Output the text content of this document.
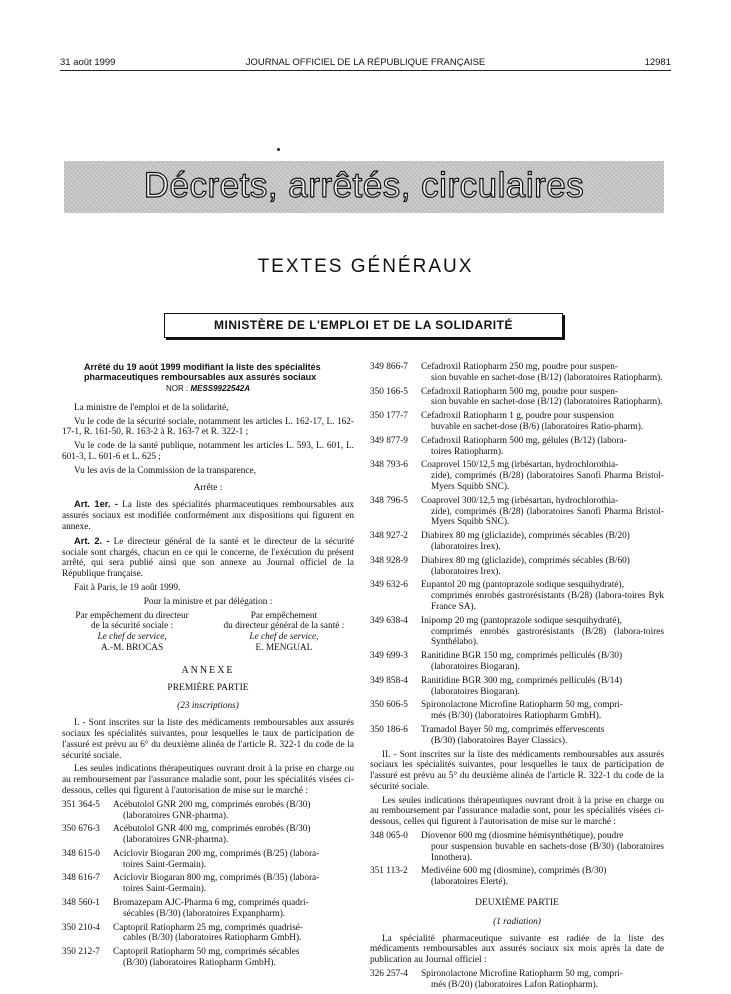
31 août 1999	JOURNAL OFFICIEL DE LA RÉPUBLIQUE FRANÇAISE	12981
Décrets, arrêtés, circulaires
TEXTES GÉNÉRAUX
MINISTÈRE DE L'EMPLOI ET DE LA SOLIDARITÉ
Arrêté du 19 août 1999 modifiant la liste des spécialités pharmaceutiques remboursables aux assurés sociaux
NOR : MESS9922542A

La ministre de l'emploi et de la solidarité,

Vu le code de la sécurité sociale, notamment les articles L. 162-17, L. 162-17-1, R. 161-50, R. 163-2 à R. 163-7 et R. 322-1 ;

Vu le code de la santé publique, notamment les articles L. 593, L. 601, L. 601-3, L. 601-6 et L. 625 ;

Vu les avis de la Commission de la transparence,

Arrête :

Art. 1er. - La liste des spécialités pharmaceutiques remboursables aux assurés sociaux est modifiée conformément aux dispositions qui figurent en annexe.

Art. 2. - Le directeur général de la santé et le directeur de la sécurité sociale sont chargés, chacun en ce qui le concerne, de l'exécution du présent arrêté, qui sera publié ainsi que son annexe au Journal officiel de la République française.

Fait à Paris, le 19 août 1999.

Pour la ministre et par délégation :

Par empêchement du directeur
de la sécurité sociale :
Le chef de service,
A.-M. BROCAS
Par empêchement
du directeur général de la santé :
Le chef de service,
E. MENGUAL
ANNEXE
PREMIÈRE PARTIE
(23 inscriptions)

I. - Sont inscrites sur la liste des médicaments remboursables aux assurés sociaux les spécialités suivantes, pour lesquelles le taux de participation de l'assuré est prévu au 6° du deuxième alinéa de l'article R. 322-1 du code de la sécurité sociale.

Les seules indications thérapeutiques ouvrant droit à la prise en charge ou au remboursement par l'assurance maladie sont, pour les spécialités visées ci-dessous, celles qui figurent à l'autorisation de mise sur le marché :

351 364-5	Acébutolol GNR 200 mg, comprimés enrobés (B/30)
(laboratoires GNR-pharma).
350 676-3	Acébutolol GNR 400 mg, comprimés enrobés (B/30)
(laboratoires GNR-pharma).
348 615-0	Aciclovir Biogaran 200 mg, comprimés (B/25) (labora-
toires Saint-Germain).
348 616-7	Aciclovir Biogaran 800 mg, comprimés (B/35) (labora-
toires Saint-Germain).
348 560-1	Bromazepam AJC-Pharma 6 mg, comprimés quadri-
sécables (B/30) (laboratoires Expanpharm).
350 210-4	Captopril Ratiopharm 25 mg, comprimés quadrisé-
cables (B/30) (laboratoires Ratiopharm GmbH).
350 212-7	Captopril Ratiopharm 50 mg, comprimés sécables
(B/30) (laboratoires Ratiopharm GmbH).
349 866-7	Cefadroxil Ratiopharm 250 mg, poudre pour suspen-
sion buvable en sachet-dose (B/12) (laboratoires Ratiopharm).
350 166-5	Cefadroxil Ratiopharm 500 mg, poudre pour suspen-
sion buvable en sachet-dose (B/12) (laboratoires Ratiopharm).
350 177-7	Cefadroxil Ratiopharm 1 g, poudre pour suspension
buvable en sachet-dose (B/6) (laboratoires Ratio-pharm).
349 877-9	Cefadroxil Ratiopharm 500 mg, gélules (B/12) (labora-
toires Ratiopharm).
348 793-6	Coaprovel 150/12,5 mg (irbésartan, hydrochlorothia-
zide), comprimés (B/28) (laboratoires Sanofi Pharma Bristol-Myers Squibb SNC).
348 796-5	Coaprovel 300/12,5 mg (irbésartan, hydrochlorothia-
zide), comprimés (B/28) (laboratoires Sanofi Pharma Bristol-Myers Squibb SNC).
348 927-2	Diabirex 80 mg (gliclazide), comprimés sécables (B/20)
(laboratoires Irex).
348 928-9	Diabirex 80 mg (gliclazide), comprimés sécables (B/60)
(laboratoires Irex).
349 632-6	Eupantol 20 mg (pantoprazole sodique sesquihydraté),
comprimés enrobés gastrorésistants (B/28) (labora-toires Byk France SA).
349 638-4	Inipomp 20 mg (pantoprazole sodique sesquihydraté),
comprimés enrobés gastrorésistants (B/28) (labora-toires Synthélabo).
349 699-3	Ranitidine BGR 150 mg, comprimés pelliculés (B/30)
(laboratoires Biogaran).
349 858-4	Ranitidine BGR 300 mg, comprimés pelliculés (B/14)
(laboratoires Biogaran).
350 606-5	Spironolactone Microfine Ratiopharm 50 mg, compri-
més (B/30) (laboratoires Ratiopharm GmbH).
350 186-6	Tramadol Bayer 50 mg, comprimés effervescents
(B/30) (laboratoires Bayer Classics).

II. - Sont inscrites sur la liste des médicaments remboursables aux assurés sociaux les spécialités suivantes, pour lesquelles le taux de participation de l'assuré est prévu au 5° du deuxième alinéa de l'article R. 322-1 du code de la sécurité sociale.

Les seules indications thérapeutiques ouvrant droit à la prise en charge ou au remboursement par l'assurance maladie sont, pour les spécialités visées ci-dessous, celles qui figurent à l'autorisation de mise sur le marché :

348 065-0	Diovenor 600 mg (diosmine hémisynthétique), poudre
pour suspension buvable en sachets-dose (B/30) (laboratoires Innothera).
351 113-2	Medivéine 600 mg (diosmine), comprimés (B/30)
(laboratoires Elerté).
DEUXIÈME PARTIE
(1 radiation)

La spécialité pharmaceutique suivante est radiée de la liste des médicaments remboursables aux assurés sociaux six mois après la date de publication au Journal officiel :

326 257-4	Spironolactone Microfine Ratiopharm 50 mg, compri-
més (B/20) (laboratoires Lafon Ratiopharm).
